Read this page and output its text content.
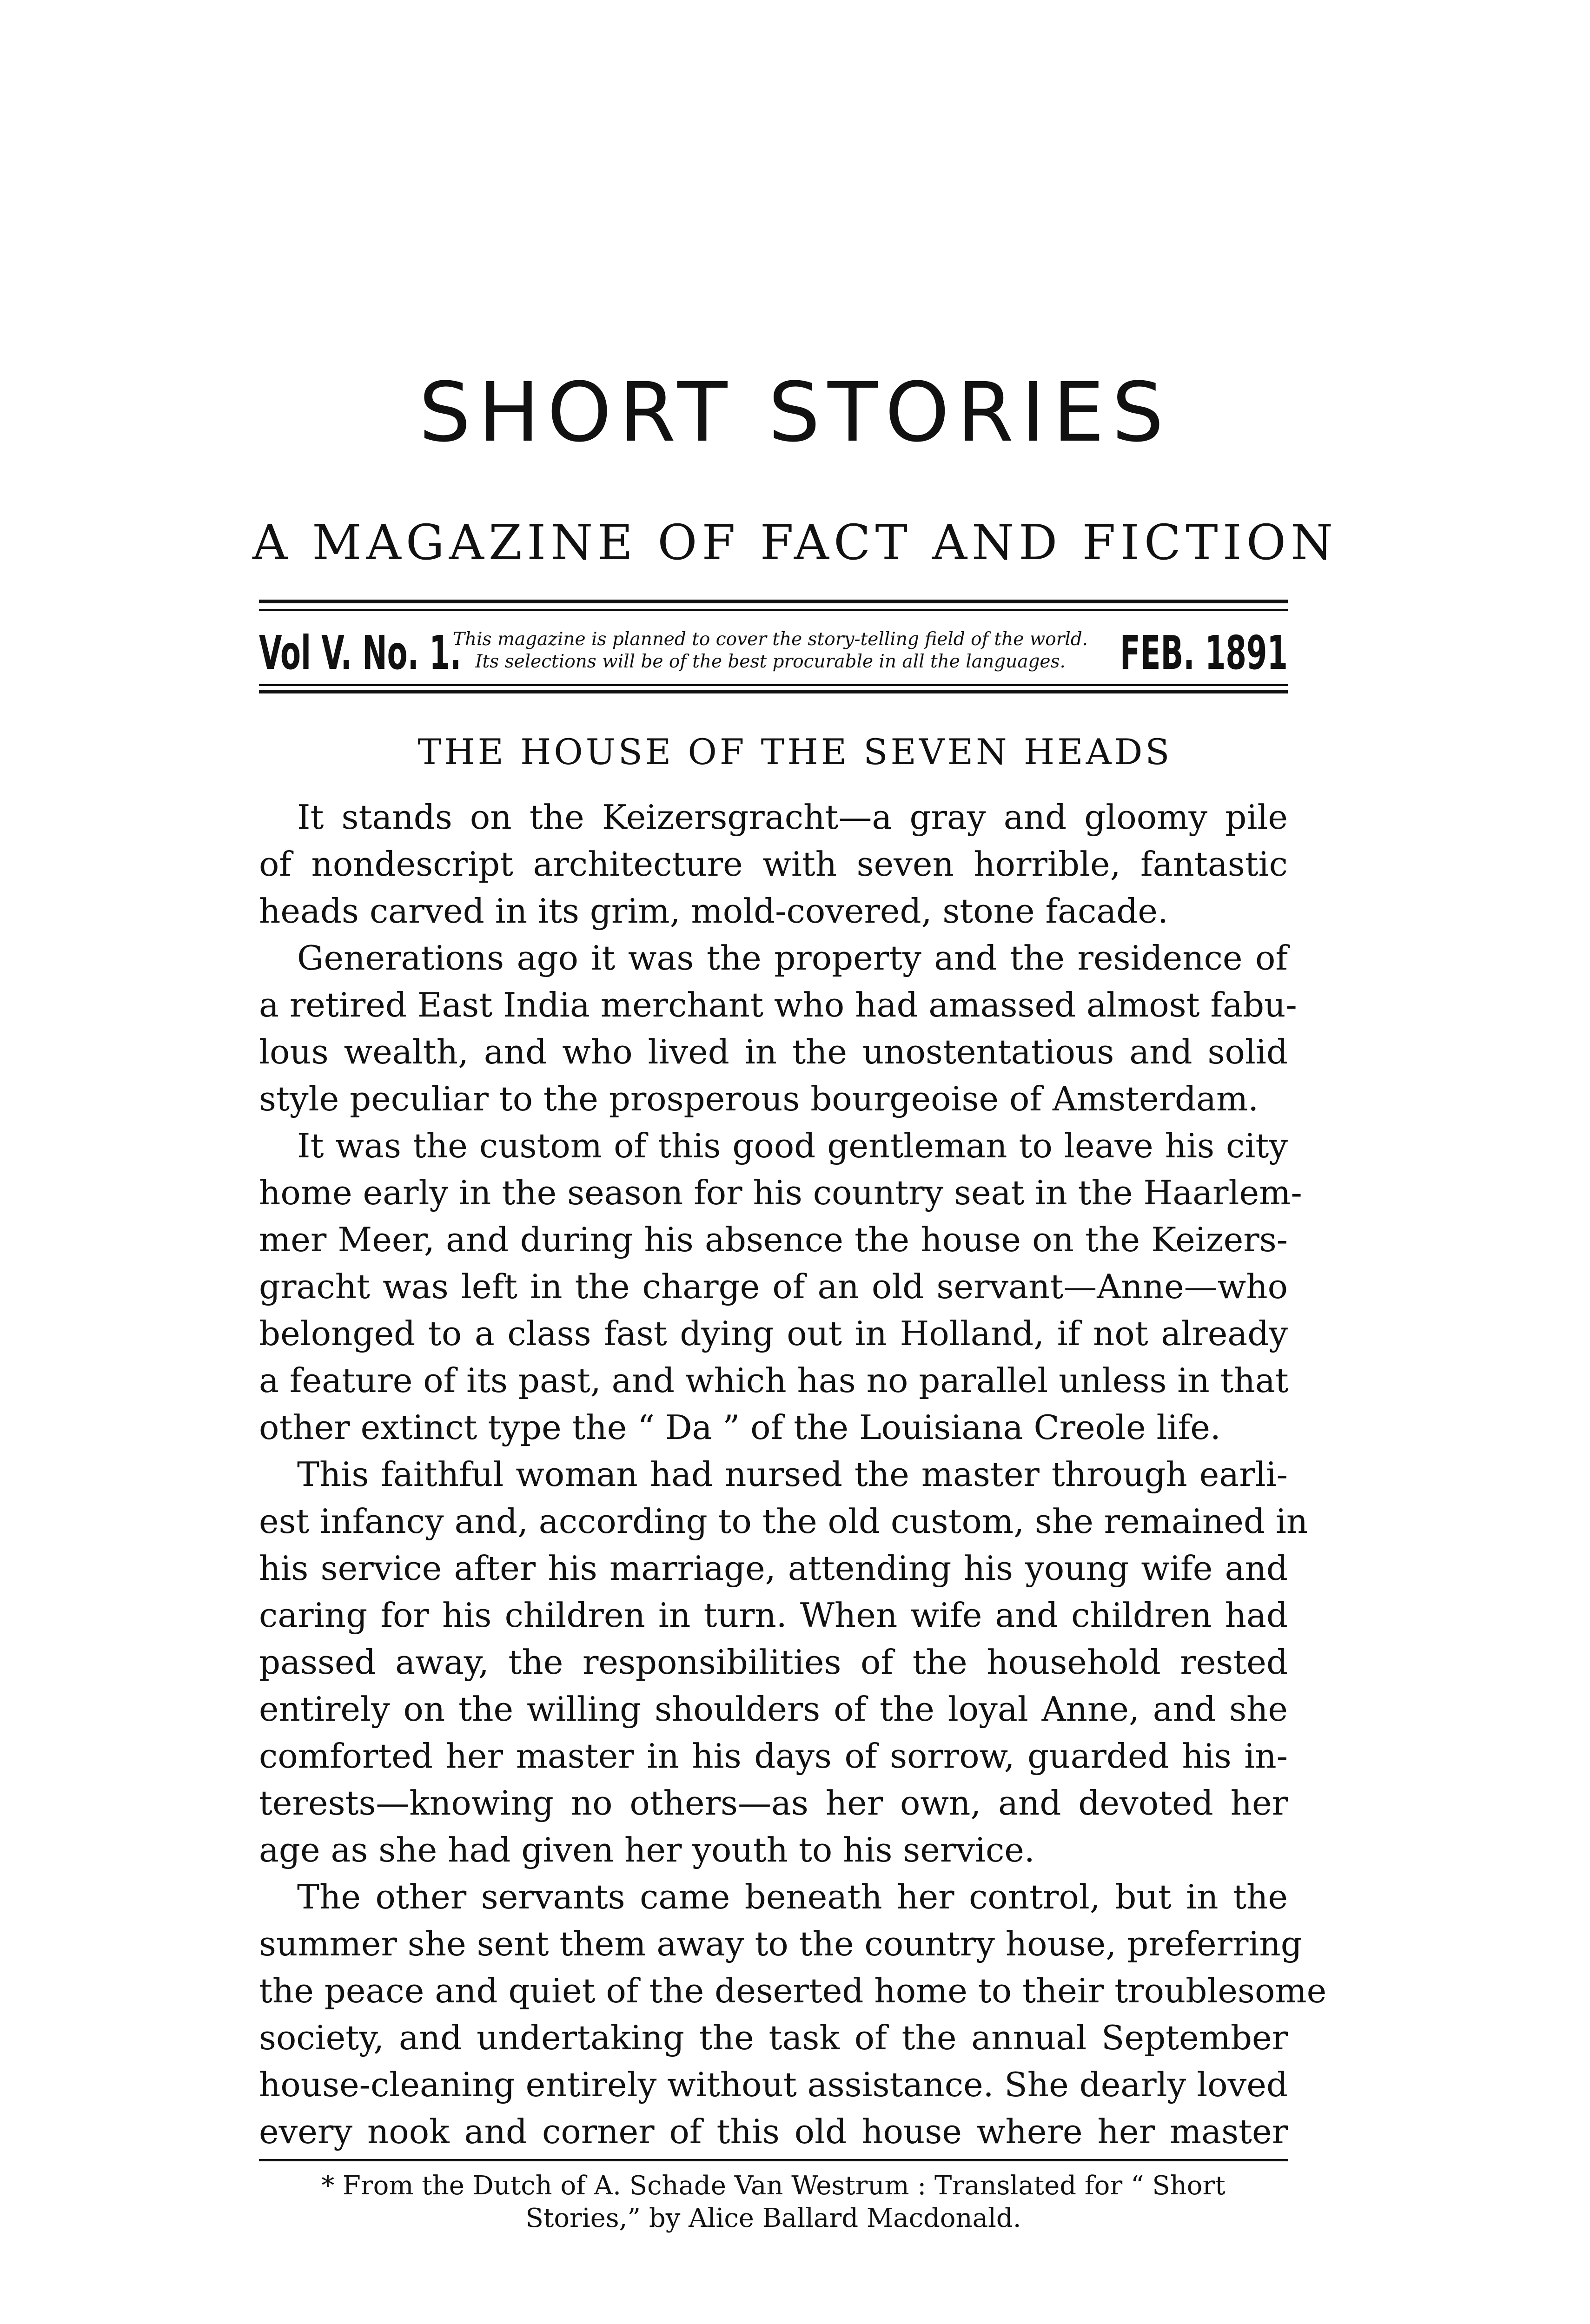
SHORT STORIES
A MAGAZINE OF FACT AND FICTION
Vol V. No. 1.
This magazine is planned to cover the story-telling field of the world.
Its selections will be of the best procurable in all the languages.	FEB. 1891
THE HOUSE OF THE SEVEN HEADS
It stands on the Keizersgracht—a gray and gloomy pile
of nondescript architecture with seven horrible, fantastic
heads carved in its grim, mold-covered, stone facade.
Generations ago it was the property and the residence of
a retired East India merchant who had amassed almost fabu-
lous wealth, and who lived in the unostentatious and solid
style peculiar to the prosperous bourgeoise of Amsterdam.
It was the custom of this good gentleman to leave his city
home early in the season for his country seat in the Haarlem-
mer Meer, and during his absence the house on the Keizers-
gracht was left in the charge of an old servant—Anne—who
belonged to a class fast dying out in Holland, if not already
a feature of its past, and which has no parallel unless in that
other extinct type the “ Da ” of the Louisiana Creole life.
This faithful woman had nursed the master through earli-
est infancy and, according to the old custom, she remained in
his service after his marriage, attending his young wife and
caring for his children in turn. When wife and children had
passed away, the responsibilities of the household rested
entirely on the willing shoulders of the loyal Anne, and she
comforted her master in his days of sorrow, guarded his in-
terests—knowing no others—as her own, and devoted her
age as she had given her youth to his service.
The other servants came beneath her control, but in the
summer she sent them away to the country house, preferring
the peace and quiet of the deserted home to their troublesome
society, and undertaking the task of the annual September
house-cleaning entirely without assistance. She dearly loved
every nook and corner of this old house where her master
* From the Dutch of A. Schade Van Westrum : Translated for “ Short
Stories,” by Alice Ballard Macdonald.
